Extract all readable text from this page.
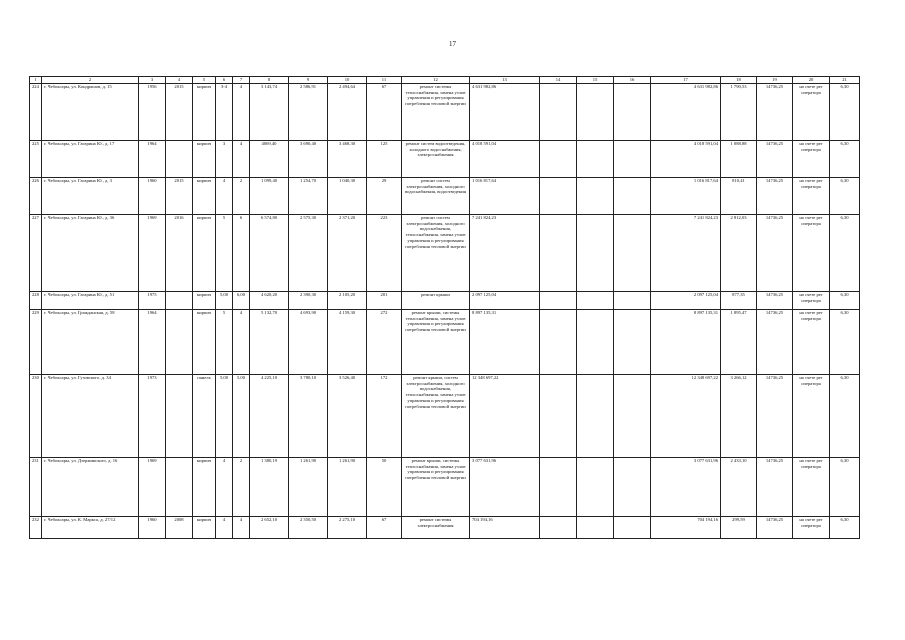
17
1	2	3	4	5	6	7	8	9	10	11	12	13	14	15	16	17	18	19	20	21
224	г. Чебоксары, ул. Кондрашов, д. 15	1956	2015	кирпич	3-4	4	3 143,74	2 586,91	2 494,64	67	ремонт системы теплоснабжения, замена узлов управления и регулирования потребления тепловой энергии	4 631 982,86				4 631 982,86	1 790,53	14736,25	на счете рег оператора	6,30
225	г. Чебоксары, ул. Гагарина Ю., д. 17	1964		кирпич	3	4	4069,40	3 690,40	3 468,30	125	ремонт систем водоотведения, холодного водоснабжения, электроснабжения	4 018 591,04				4 018 591,04	1 088,88	14736,25	на счете рег оператора	6,30
226	г. Чебоксары, ул. Гагарина Ю., д. 3	1960	2015	кирпич	4	2	1 099,40	1 254,70	1 040,30	29	ремонт систем электроснабжения, холодного водоснабжения, водоотведения	1 016 817,64				1 016 817,64	810,41	14736,25	на счете рег оператора	6,30
227	г. Чебоксары, ул. Гагарина Ю., д. 36	1969	2016	кирпич	5	6	6 574,80	2 575,30	2 371,20	223	ремонт систем электроснабжения, холодного водоснабжения, теплоснабжения, замена узлов управления и регулирования потребления тепловой энергии	7 241 824,23				7 241 824,23	2 812,03	14736,25	на счете рег оператора	6,30
228	г. Чебоксары, ул. Гагарина Ю., д. 51	1975		кирпич	5,00	6,00	4 620,20	2 390,30	2 105,20	201	ремонт крыши	2 097 125,04				2 097 125,04	877,35	14736,25	на счете рег оператора	6,30
229	г. Чебоксары, ул. Гражданская, д. 58	1964		кирпич	5	4	5 132,70	4 693,90	4 159,30	272	ремонт крыши, системы теплоснабжения, замена узлов управления и регулирования потребления тепловой энергии	8 897 135,31				8 897 135,31	1 895,47	14736,25	на счете рег оператора	6,30
230	г. Чебоксары, ул. Гузовского, д. 34	1973		панель	5,00	5,00	4 225,10	3 780,10	3 526,40	172	ремонт крыши, систем электроснабжения, холодного водоснабжения, теплоснабжения, замена узлов управления и регулирования потребления тепловой энергии	12 348 697,22				12 348 697,22	3 266,12	14736,25	на счете рег оператора	6,30
231	г. Чебоксары, ул. Дзержинского, д. 16	1969		кирпич	4	2	1 380,19	1 261,90	1 261,90	50	ремонт крыши, системы теплоснабжения, замена узлов управления и регулирования потребления тепловой энергии	3 077 631,96				3 077 631,96	2 433,10	14736,25	на счете рег оператора	6,30
232	г. Чебоксары, ул. К. Маркса, д. 27/12	1960	2008	кирпич	4	4	2 652,10	2 350,50	2 275,10	67	ремонт системы электроснабжения	704 194,16				704 194,16	299,59	14736,25	на счете рег оператора	6,30
